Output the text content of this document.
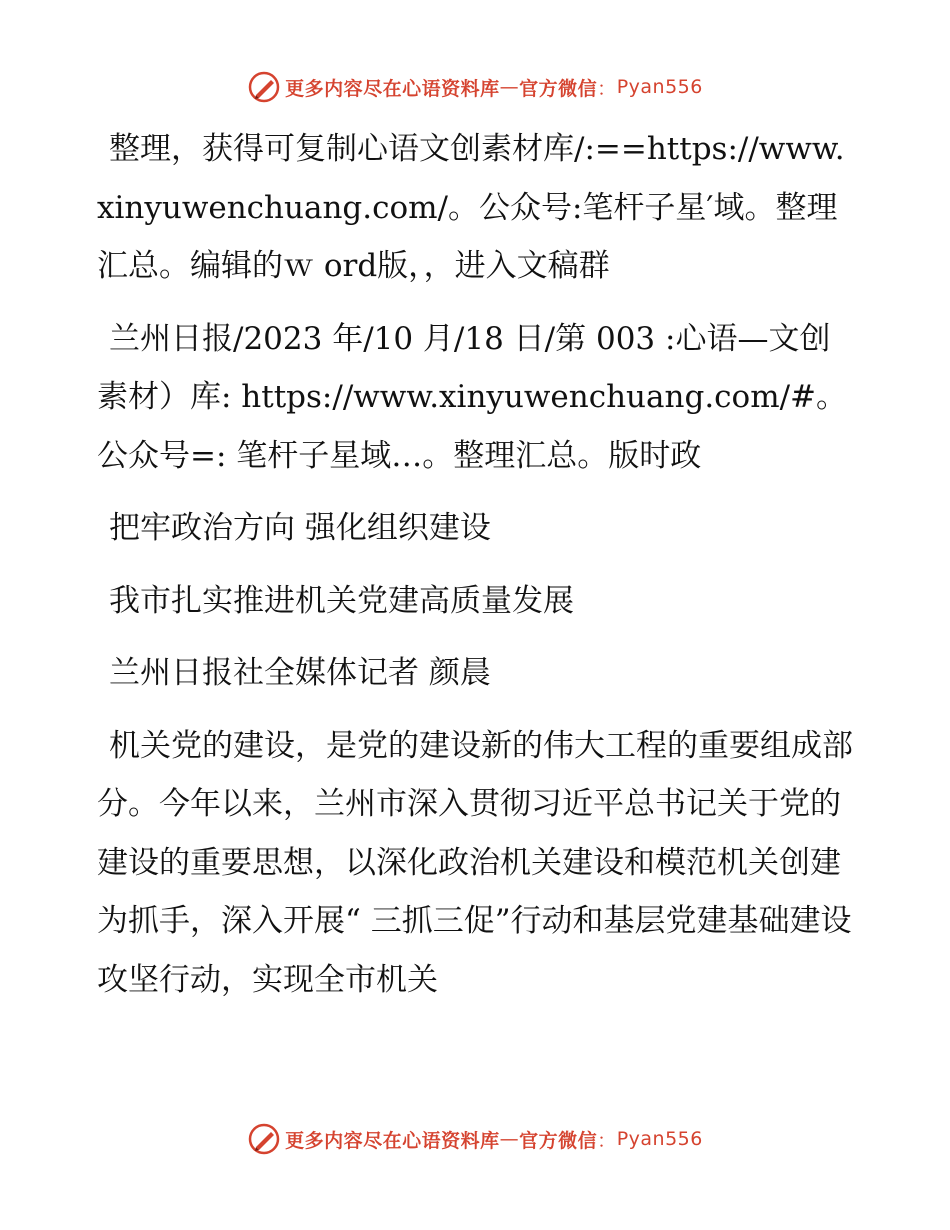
更多内容尽在心语资料库 — 官方微信 ： Pyan556

整理，获得可复制心语文创素材库/:==https://www.xinyuwenchuang.com/。公众号:笔杆子星′域。整理汇总。编辑的ｗ ord版，，进入文稿群

兰州日报/2023 年/10 月/18 日/第 003 :心语—文创素材）库: https://www.xinyuwenchuang.com/#。公众号=: 笔杆子星域…。整理汇总。版时政

把牢政治方向 强化组织建设

我市扎实推进机关党建高质量发展

兰州日报社全媒体记者 颜晨

机关党的建设，是党的建设新的伟大工程的重要组成部分。今年以来，兰州市深入贯彻习近平总书记关于党的建设的重要思想，以深化政治机关建设和模范机关创建为抓手，深入开展“ 三抓三促”行动和基层党建基础建设攻坚行动，实现全市机关

更多内容尽在心语资料库 — 官方微信 ： Pyan556
